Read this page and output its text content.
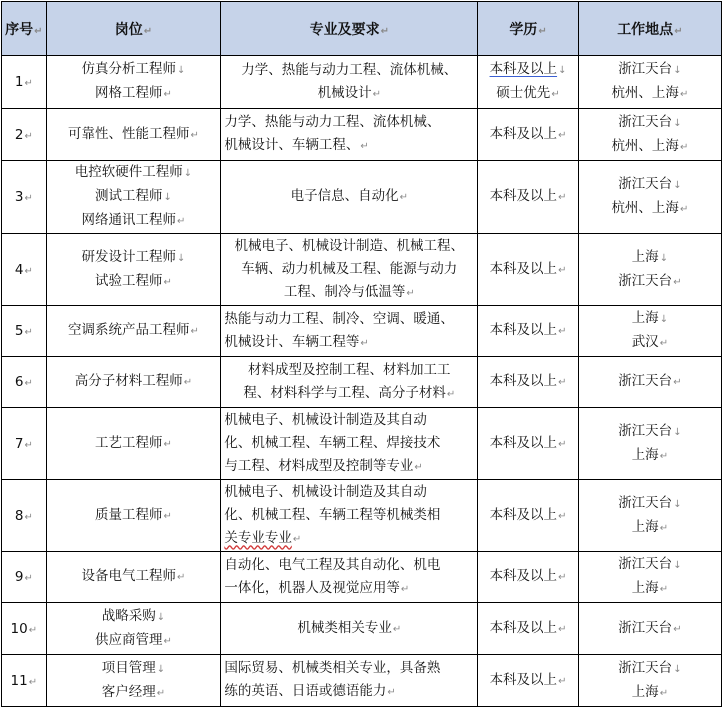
序号↵	岗位↵	专业及要求↵	学历↵	工作地点↵
1↵	仿真分析工程师↓
网格工程师↵	力学、热能与动力工程、流体机械、
机械设计↵	本科及以上↓
硕士优先↵	浙江天台↓
杭州、上海↵

2↵	可靠性、性能工程师↵	力学、热能与动力工程、流体机械、
机械设计、车辆工程、↵	本科及以上↵	浙江天台↓
杭州、上海↵

3↵	电控软硬件工程师↓
测试工程师↓
网络通讯工程师↵	电子信息、自动化↵	本科及以上↵	浙江天台↓
杭州、上海↵

4↵	研发设计工程师↓
试验工程师↵	机械电子、机械设计制造、机械工程、
车辆、动力机械及工程、能源与动力
工程、制冷与低温等↵	本科及以上↵	上海↓
浙江天台↵

5↵	空调系统产品工程师↵	热能与动力工程、制冷、空调、暖通、
机械设计、车辆工程等↵	本科及以上↵	上海↓
武汉↵

6↵	高分子材料工程师↵	材料成型及控制工程、材料加工工
程、材料科学与工程、高分子材料↵	本科及以上↵	浙江天台↵

7↵	工艺工程师↵	机械电子、机械设计制造及其自动
化、机械工程、车辆工程、焊接技术
与工程、材料成型及控制等专业↵	本科及以上↵	浙江天台↓
上海↵

8↵	质量工程师↵	机械电子、机械设计制造及其自动
化、机械工程、车辆工程等机械类相
关专业专业↵	本科及以上↵	浙江天台↓
上海↵

9↵	设备电气工程师↵	自动化、电气工程及其自动化、机电
一体化，机器人及视觉应用等↵	本科及以上↵	浙江天台↓
上海↵

10↵	战略采购↓
供应商管理↵	机械类相关专业↵	本科及以上↵	浙江天台↵

11↵	项目管理↓
客户经理↵	国际贸易、机械类相关专业，具备熟
练的英语、日语或德语能力↵	本科及以上↵	浙江天台↓
上海↵
